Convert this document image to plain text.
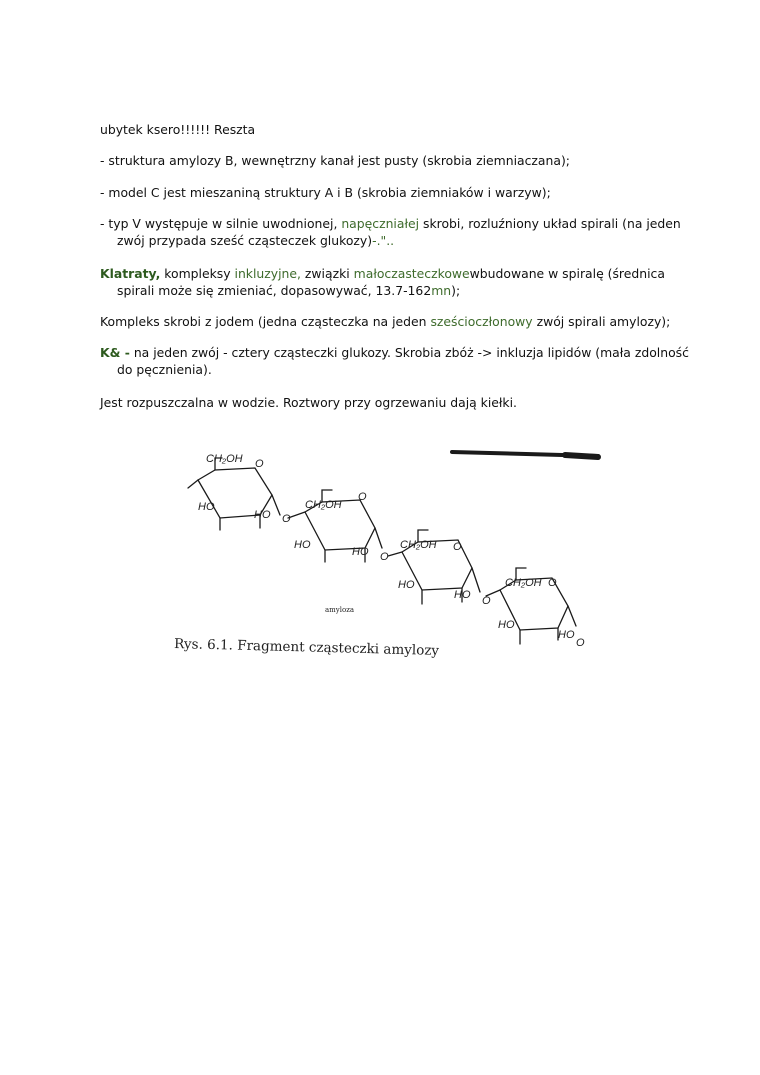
ubytek ksero!!!!!! Reszta

- struktura amylozy B, wewnętrzny kanał jest pusty (skrobia ziemniaczana);

- model C jest mieszaniną struktury A i B (skrobia ziemniaków i warzyw);

- typ V występuje w silnie uwodnionej, napęczniałej skrobi, rozluźniony układ spirali (na jeden zwój przypada sześć cząsteczek glukozy)-."..

Klatraty, kompleksy inkluzyjne, związki małoczasteczkowewbudowane w spiralę (średnica spirali może się zmieniać, dopasowywać, 13.7-162mn);

Kompleks skrobi z jodem (jedna cząsteczka na jeden sześcioczłonowy zwój spirali amylozy);

K& - na jeden zwój - cztery cząsteczki glukozy. Skrobia zbóż -> inkluzja lipidów (mała zdolność do pęcznienia).

Jest rozpuszczalna w wodzie. Roztwory przy ogrzewaniu dają kiełki.

CH₂OH O
HO
HO O
CH₂OH
O
HO
HO O
CH₂OH O
HO
HO O
CH₂OH O
HO
HO
O
amyloza
Rys. 6.1. Fragment cząsteczki amylozy
